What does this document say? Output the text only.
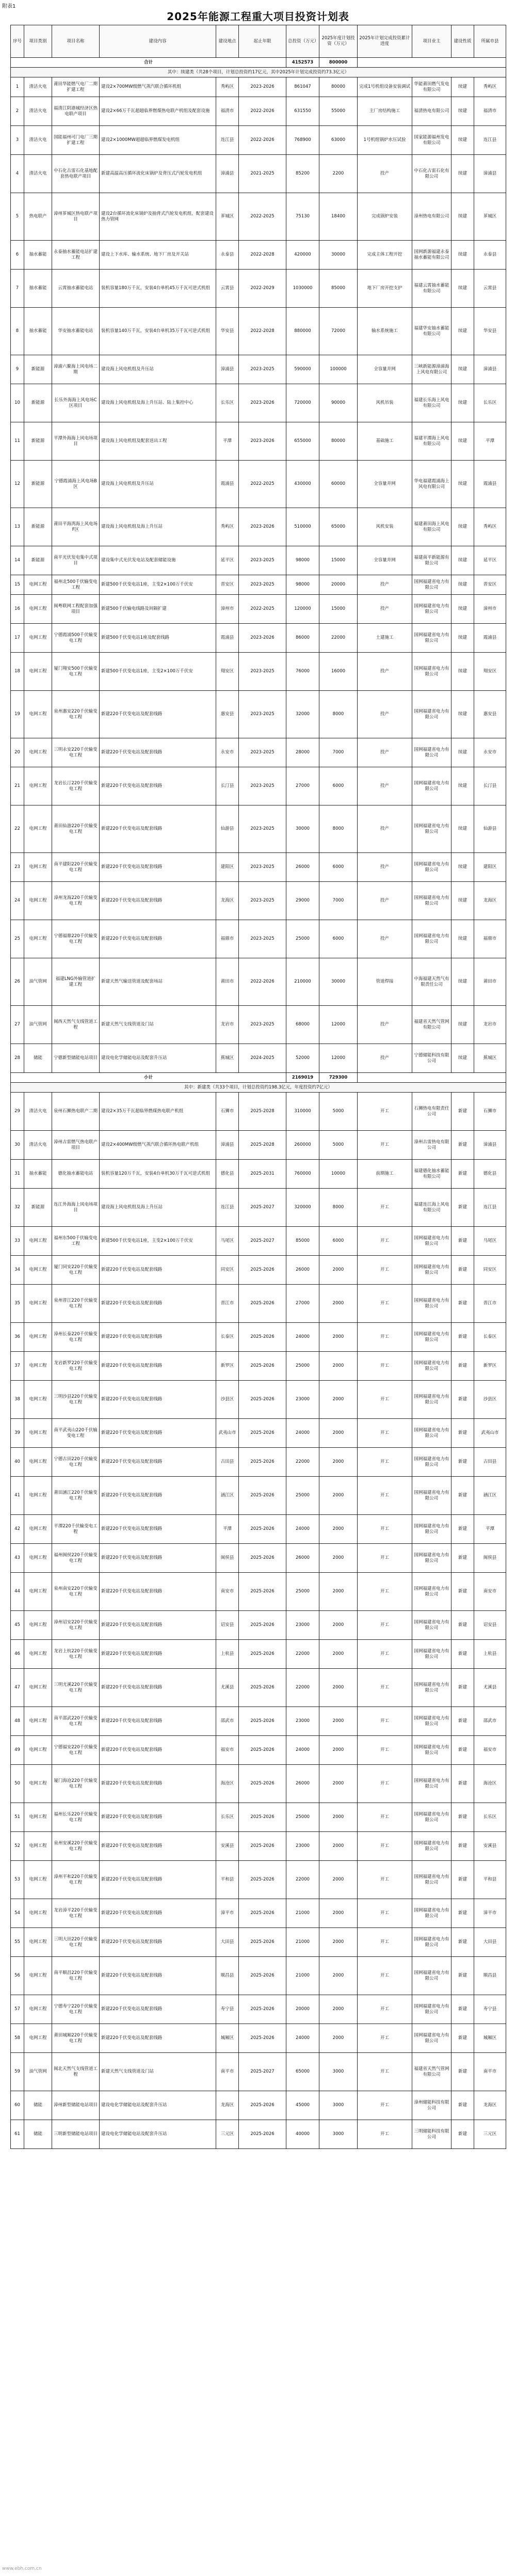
附表1
2025年能源工程重大项目投资计划表
序号	项目类别	项目名称	建设内容	建设地点	起止年限	总投资（万元）	2025年度计划投资（万元）	2025年计划完成投资累计进度	项目业主	建设性质	所属市县
合计						4152573	800000				
其中：续建类（共28个项目，计划总投资约17亿元，其中2025年计划完成投资约73.3亿元）											
1	清洁火电	莆田华能燃气电厂二期扩建工程	建设2×700MW级燃气蒸汽联合循环机组	秀屿区	2023-2026	861047	80000	完成1号机组设备安装调试	华能莆田燃气发电有限公司	续建	秀屿区
2	清洁火电	福清江阴港城经济区热电联产项目	建设2×66万千瓦超超临界燃煤热电联产机组及配套设施	福清市	2022-2026	631550	55000	主厂房结构施工	福清热电有限公司	续建	福清市
3	清洁火电	国能福州可门电厂三期扩建工程	建设2×1000MW超超临界燃煤发电机组	连江县	2022-2026	768900	63000	1号机组锅炉水压试验	国家能源福州发电有限公司	续建	连江县
4	清洁火电	中石化古雷石化基地配套热电联产项目	新建高温高压循环流化床锅炉及背压式汽轮发电机组	漳浦县	2021-2025	85200	2200	投产	中石化古雷石化有限公司	续建	漳浦县
5	热电联产	漳州芗城区热电联产项目	建设2台循环流化床锅炉及抽背式汽轮发电机组，配套建设热力管网	芗城区	2022-2025	75130	18400	完成锅炉安装	漳州热电有限公司	续建	芗城区
6	抽水蓄能	永泰抽水蓄能电站扩建工程	建设上下水库、输水系统、地下厂房及开关站	永泰县	2022-2028	420000	30000	完成主体工程开挖	国网新源福建永泰抽水蓄能有限公司	续建	永泰县
7	抽水蓄能	云霄抽水蓄能电站	装机容量180万千瓦，安装4台单机45万千瓦可逆式机组	云霄县	2022-2029	1030000	85000	地下厂房开挖支护	福建云霄抽水蓄能有限公司	续建	云霄县
8	抽水蓄能	华安抽水蓄能电站	装机容量140万千瓦，安装4台单机35万千瓦可逆式机组	华安县	2022-2028	880000	72000	输水系统施工	福建华安抽水蓄能有限公司	续建	华安县
9	新能源	漳浦六鳌海上风电场二期	建设海上风电机组及升压站	漳浦县	2023-2025	590000	100000	全容量并网	三峡新能源漳浦海上风电有限公司	续建	漳浦县
10	新能源	长乐外海海上风电场C区项目	建设海上风电机组及海上升压站、陆上集控中心	长乐区	2023-2026	720000	90000	风机吊装	福建长乐海上风电有限公司	续建	长乐区
11	新能源	平潭外海海上风电场项目	建设海上风电机组及配套送出工程	平潭	2023-2026	655000	80000	基础施工	福建平潭海上风电有限公司	续建	平潭
12	新能源	宁德霞浦海上风电场B区	建设海上风电机组及升压站	霞浦县	2022-2025	430000	60000	全容量并网	华电福建霞浦海上风电有限公司	续建	霞浦县
13	新能源	莆田平海湾海上风电场F区	建设海上风电机组及海上升压站	秀屿区	2023-2026	510000	65000	风机安装	福建莆田海上风电有限公司	续建	秀屿区
14	新能源	南平光伏发电集中式项目	建设集中式光伏发电站及配套储能设施	延平区	2023-2025	98000	15000	全容量并网	福建南平新能源有限公司	续建	延平区
15	电网工程	福州北500千伏输变电工程	新建500千伏变电站1座，主变2×100万千伏安	晋安区	2023-2025	98000	20000	投产	国网福建省电力有限公司	续建	晋安区
16	电网工程	闽粤联网工程配套加强项目	新建500千伏输电线路及间隔扩建	漳州市	2022-2025	120000	15000	投产	国网福建省电力有限公司	续建	漳州市
17	电网工程	宁德霞浦500千伏输变电工程	新建500千伏变电站1座及配套线路	霞浦县	2023-2026	86000	22000	土建施工	国网福建省电力有限公司	续建	霞浦县
18	电网工程	厦门翔安500千伏输变电工程	新建500千伏变电站1座，主变2×100万千伏安	翔安区	2023-2025	76000	16000	投产	国网福建省电力有限公司	续建	翔安区
19	电网工程	泉州惠安220千伏输变电工程	新建220千伏变电站及配套线路	惠安县	2023-2025	32000	8000	投产	国网福建省电力有限公司	续建	惠安县
20	电网工程	三明永安220千伏输变电工程	新建220千伏变电站及配套线路	永安市	2023-2025	28000	7000	投产	国网福建省电力有限公司	续建	永安市
21	电网工程	龙岩长汀220千伏输变电工程	新建220千伏变电站及配套线路	长汀县	2023-2025	27000	6000	投产	国网福建省电力有限公司	续建	长汀县
22	电网工程	莆田仙游220千伏输变电工程	新建220千伏变电站及配套线路	仙游县	2023-2025	30000	8000	投产	国网福建省电力有限公司	续建	仙游县
23	电网工程	南平建阳220千伏输变电工程	新建220千伏变电站及配套线路	建阳区	2023-2025	26000	6000	投产	国网福建省电力有限公司	续建	建阳区
24	电网工程	漳州龙海220千伏输变电工程	新建220千伏变电站及配套线路	龙海区	2023-2025	29000	7000	投产	国网福建省电力有限公司	续建	龙海区
25	电网工程	宁德福鼎220千伏输变电工程	新建220千伏变电站及配套线路	福鼎市	2023-2025	25000	6000	投产	国网福建省电力有限公司	续建	福鼎市
26	油气管网	福建LNG外输管道扩建工程	新建天然气输送管道及配套场站	莆田市	2022-2026	210000	30000	管道焊接	中海福建天然气有限责任公司	续建	莆田市
27	油气管网	闽西天然气支线管道工程	新建天然气支线管道及门站	龙岩市	2023-2025	68000	12000	投产	福建省天然气管网有限公司	续建	龙岩市
28	储能	宁德新型储能电站项目	建设电化学储能电站及配套升压站	蕉城区	2024-2025	52000	12000	投产	宁德储能科技有限公司	续建	蕉城区
小计						2169019	729300				
其中：新建类（共33个项目，计划总投资约198.3亿元，年度投资约7亿元）											
29	清洁火电	泉州石狮热电联产二期	建设2×35万千瓦超临界燃煤热电联产机组	石狮市	2025-2028	310000	5000	开工	石狮热电有限责任公司	新建	石狮市
30	清洁火电	漳州古雷燃气热电联产项目	建设2×400MW级燃气蒸汽联合循环热电联产机组	漳浦县	2025-2028	260000	5000	开工	漳州古雷热电有限公司	新建	漳浦县
31	抽水蓄能	德化抽水蓄能电站	装机容量120万千瓦，安装4台单机30万千瓦可逆式机组	德化县	2025-2031	760000	10000	前期施工	福建德化抽水蓄能有限公司	新建	德化县
32	新能源	连江外海海上风电场项目	建设海上风电机组及海上升压站	连江县	2025-2027	320000	8000	开工	福建连江海上风电有限公司	新建	连江县
33	电网工程	福州东500千伏输变电工程	新建500千伏变电站1座，主变2×100万千伏安	马尾区	2025-2027	85000	6000	开工	国网福建省电力有限公司	新建	马尾区
34	电网工程	厦门同安220千伏输变电工程	新建220千伏变电站及配套线路	同安区	2025-2026	26000	2000	开工	国网福建省电力有限公司	新建	同安区
35	电网工程	泉州晋江220千伏输变电工程	新建220千伏变电站及配套线路	晋江市	2025-2026	27000	2000	开工	国网福建省电力有限公司	新建	晋江市
36	电网工程	漳州长泰220千伏输变电工程	新建220千伏变电站及配套线路	长泰区	2025-2026	24000	2000	开工	国网福建省电力有限公司	新建	长泰区
37	电网工程	龙岩新罗220千伏输变电工程	新建220千伏变电站及配套线路	新罗区	2025-2026	25000	2000	开工	国网福建省电力有限公司	新建	新罗区
38	电网工程	三明沙县220千伏输变电工程	新建220千伏变电站及配套线路	沙县区	2025-2026	23000	2000	开工	国网福建省电力有限公司	新建	沙县区
39	电网工程	南平武夷山220千伏输变电工程	新建220千伏变电站及配套线路	武夷山市	2025-2026	24000	2000	开工	国网福建省电力有限公司	新建	武夷山市
40	电网工程	宁德古田220千伏输变电工程	新建220千伏变电站及配套线路	古田县	2025-2026	22000	2000	开工	国网福建省电力有限公司	新建	古田县
41	电网工程	莆田涵江220千伏输变电工程	新建220千伏变电站及配套线路	涵江区	2025-2026	25000	2000	开工	国网福建省电力有限公司	新建	涵江区
42	电网工程	平潭220千伏输变电工程	新建220千伏变电站及配套线路	平潭	2025-2026	24000	2000	开工	国网福建省电力有限公司	新建	平潭
43	电网工程	福州闽侯220千伏输变电工程	新建220千伏变电站及配套线路	闽侯县	2025-2026	26000	2000	开工	国网福建省电力有限公司	新建	闽侯县
44	电网工程	泉州南安220千伏输变电工程	新建220千伏变电站及配套线路	南安市	2025-2026	25000	2000	开工	国网福建省电力有限公司	新建	南安市
45	电网工程	漳州诏安220千伏输变电工程	新建220千伏变电站及配套线路	诏安县	2025-2026	23000	2000	开工	国网福建省电力有限公司	新建	诏安县
46	电网工程	龙岩上杭220千伏输变电工程	新建220千伏变电站及配套线路	上杭县	2025-2026	22000	2000	开工	国网福建省电力有限公司	新建	上杭县
47	电网工程	三明尤溪220千伏输变电工程	新建220千伏变电站及配套线路	尤溪县	2025-2026	22000	2000	开工	国网福建省电力有限公司	新建	尤溪县
48	电网工程	南平邵武220千伏输变电工程	新建220千伏变电站及配套线路	邵武市	2025-2026	23000	2000	开工	国网福建省电力有限公司	新建	邵武市
49	电网工程	宁德福安220千伏输变电工程	新建220千伏变电站及配套线路	福安市	2025-2026	24000	2000	开工	国网福建省电力有限公司	新建	福安市
50	电网工程	厦门海沧220千伏输变电工程	新建220千伏变电站及配套线路	海沧区	2025-2026	26000	2000	开工	国网福建省电力有限公司	新建	海沧区
51	电网工程	福州长乐220千伏输变电工程	新建220千伏变电站及配套线路	长乐区	2025-2026	25000	2000	开工	国网福建省电力有限公司	新建	长乐区
52	电网工程	泉州安溪220千伏输变电工程	新建220千伏变电站及配套线路	安溪县	2025-2026	23000	2000	开工	国网福建省电力有限公司	新建	安溪县
53	电网工程	漳州平和220千伏输变电工程	新建220千伏变电站及配套线路	平和县	2025-2026	22000	2000	开工	国网福建省电力有限公司	新建	平和县
54	电网工程	龙岩漳平220千伏输变电工程	新建220千伏变电站及配套线路	漳平市	2025-2026	21000	2000	开工	国网福建省电力有限公司	新建	漳平市
55	电网工程	三明大田220千伏输变电工程	新建220千伏变电站及配套线路	大田县	2025-2026	21000	2000	开工	国网福建省电力有限公司	新建	大田县
56	电网工程	南平顺昌220千伏输变电工程	新建220千伏变电站及配套线路	顺昌县	2025-2026	21000	2000	开工	国网福建省电力有限公司	新建	顺昌县
57	电网工程	宁德寿宁220千伏输变电工程	新建220千伏变电站及配套线路	寿宁县	2025-2026	20000	2000	开工	国网福建省电力有限公司	新建	寿宁县
58	电网工程	莆田城厢220千伏输变电工程	新建220千伏变电站及配套线路	城厢区	2025-2026	24000	2000	开工	国网福建省电力有限公司	新建	城厢区
59	油气管网	闽北天然气支线管道工程	新建天然气支线管道及门站	南平市	2025-2027	65000	3000	开工	福建省天然气管网有限公司	新建	南平市
60	储能	漳州新型储能电站项目	建设电化学储能电站及配套升压站	龙海区	2025-2026	45000	3000	开工	漳州储能科技有限公司	新建	龙海区
61	储能	三明新型储能电站项目	建设电化学储能电站及配套升压站	三元区	2025-2026	40000	3000	开工	三明储能科技有限公司	新建	三元区
www.ebh.com.cn
